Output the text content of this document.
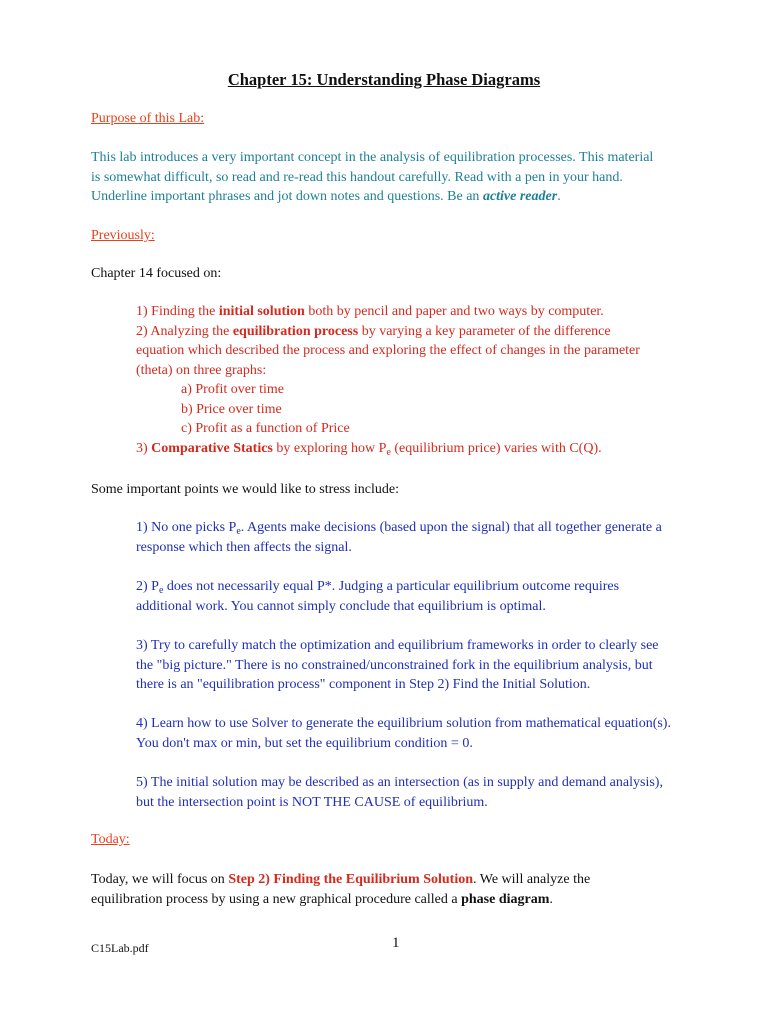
Chapter 15: Understanding Phase Diagrams
Purpose of this Lab:
This lab introduces a very important concept in the analysis of equilibration processes. This material
is somewhat difficult, so read and re-read this handout carefully. Read with a pen in your hand.
Underline important phrases and jot down notes and questions. Be an active reader.
Previously:
Chapter 14 focused on:
1) Finding the initial solution both by pencil and paper and two ways by computer.
2) Analyzing the equilibration process by varying a key parameter of the difference
equation which described the process and exploring the effect of changes in the parameter
(theta) on three graphs:
a) Profit over time
b) Price over time
c) Profit as a function of Price
3) Comparative Statics by exploring how $P_e$ (equilibrium price) varies with C(Q).
Some important points we would like to stress include:
1) No one picks $P_e$. Agents make decisions (based upon the signal) that all together generate a
response which then affects the signal.
2) $P_e$ does not necessarily equal P*. Judging a particular equilibrium outcome requires
additional work. You cannot simply conclude that equilibrium is optimal.
3) Try to carefully match the optimization and equilibrium frameworks in order to clearly see
the "big picture." There is no constrained/unconstrained fork in the equilibrium analysis, but
there is an "equilibration process" component in Step 2) Find the Initial Solution.
4) Learn how to use Solver to generate the equilibrium solution from mathematical equation(s).
You don't max or min, but set the equilibrium condition = 0.
5) The initial solution may be described as an intersection (as in supply and demand analysis),
but the intersection point is NOT THE CAUSE of equilibrium.
Today:
Today, we will focus on Step 2) Finding the Equilibrium Solution. We will analyze the
equilibration process by using a new graphical procedure called a phase diagram.
C15Lab.pdf	1
